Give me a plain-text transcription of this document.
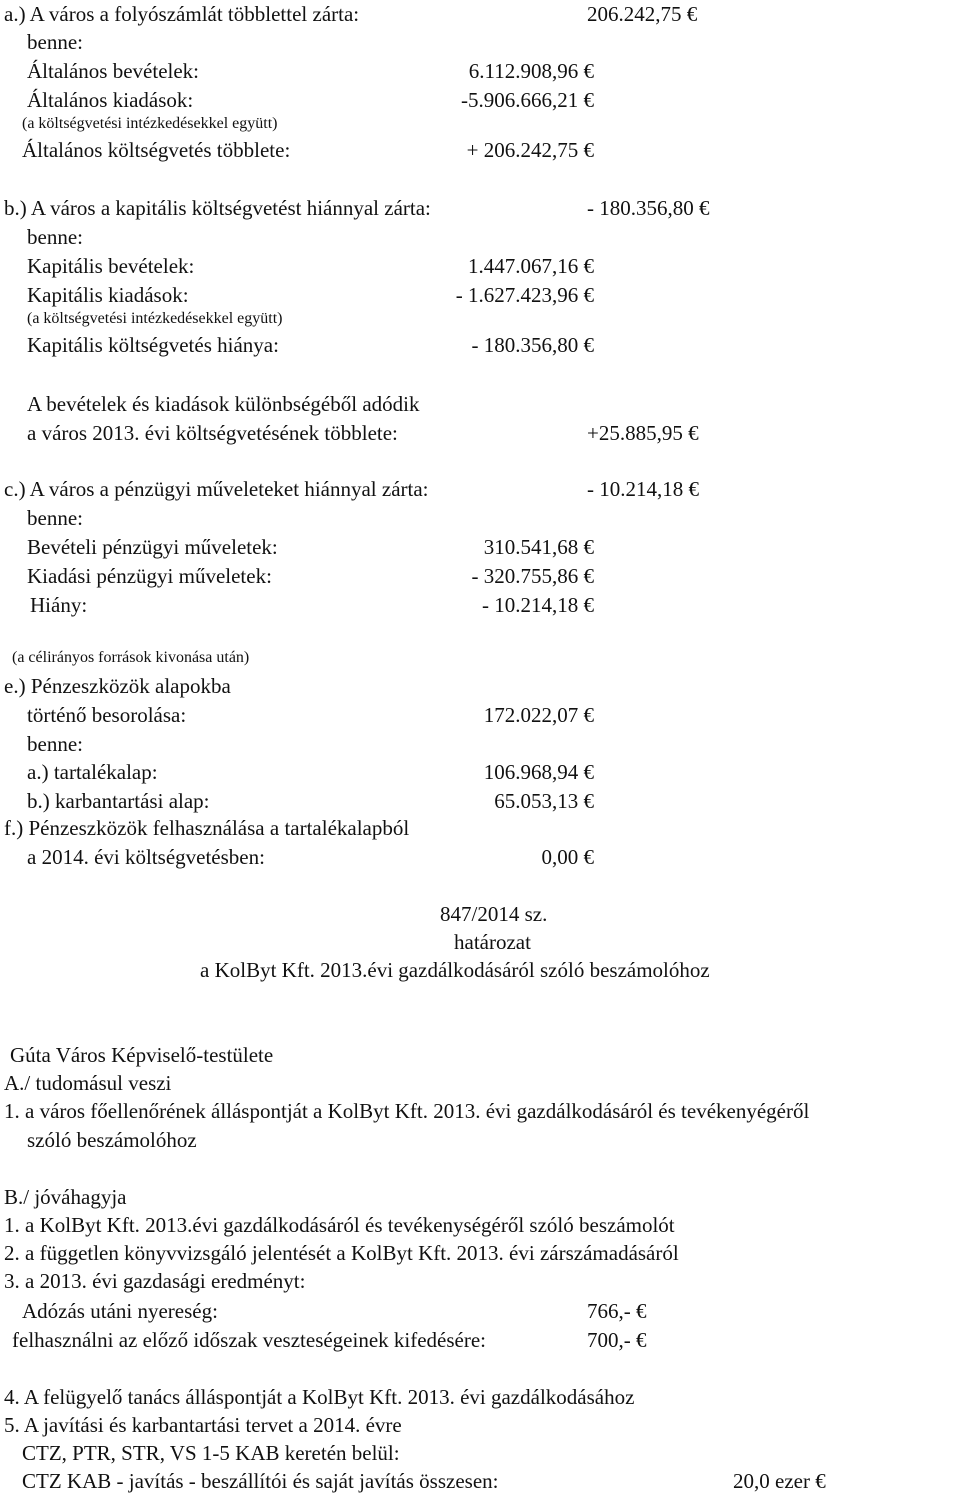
a.) A város a folyószámlát többlettel zárta:	206.242,75 €
benne:
Általános bevételek:	6.112.908,96 €
Általános kiadások:	-5.906.666,21 €
(a költségvetési intézkedésekkel együtt)
Általános költségvetés többlete:	+ 206.242,75 €
b.) A város a kapitális költségvetést hiánnyal zárta:	- 180.356,80 €
benne:
Kapitális bevételek:	1.447.067,16 €
Kapitális kiadások:	- 1.627.423,96 €
(a költségvetési intézkedésekkel együtt)
Kapitális költségvetés hiánya:	- 180.356,80 €
A bevételek és kiadások különbségéből adódik
a város 2013. évi költségvetésének többlete:	+25.885,95 €
c.) A város a pénzügyi műveleteket hiánnyal zárta:	- 10.214,18 €
benne:
Bevételi pénzügyi műveletek:	310.541,68 €
Kiadási pénzügyi műveletek:	- 320.755,86 €
Hiány:	- 10.214,18 €
(a célirányos források kivonása után)
e.) Pénzeszközök alapokba
történő besorolása:	172.022,07 €
benne:
a.) tartalékalap:	106.968,94 €
b.) karbantartási alap:	65.053,13 €
f.) Pénzeszközök felhasználása a tartalékalapból
a 2014. évi költségvetésben:	0,00 €
847/2014 sz.
határozat
a KolByt Kft. 2013.évi gazdálkodásáról szóló beszámolóhoz
Gúta Város Képviselő-testülete
A./ tudomásul veszi
1. a város főellenőrének álláspontját a KolByt Kft. 2013. évi gazdálkodásáról és tevékenyégéről
szóló beszámolóhoz
B./ jóváhagyja
1. a KolByt Kft. 2013.évi gazdálkodásáról és tevékenységéről szóló beszámolót
2. a független könyvvizsgáló jelentését a KolByt Kft. 2013. évi zárszámadásáról
3. a 2013. évi gazdasági eredményt:
Adózás utáni nyereség:	766,- €
felhasználni az előző időszak veszteségeinek kifedésére:	700,- €
4. A felügyelő tanács álláspontját a KolByt Kft. 2013. évi gazdálkodásához
5. A javítási és karbantartási tervet a 2014. évre
CTZ, PTR, STR, VS 1-5 KAB keretén belül:
CTZ KAB - javítás - beszállítói és saját javítás összesen:	20,0 ezer €
